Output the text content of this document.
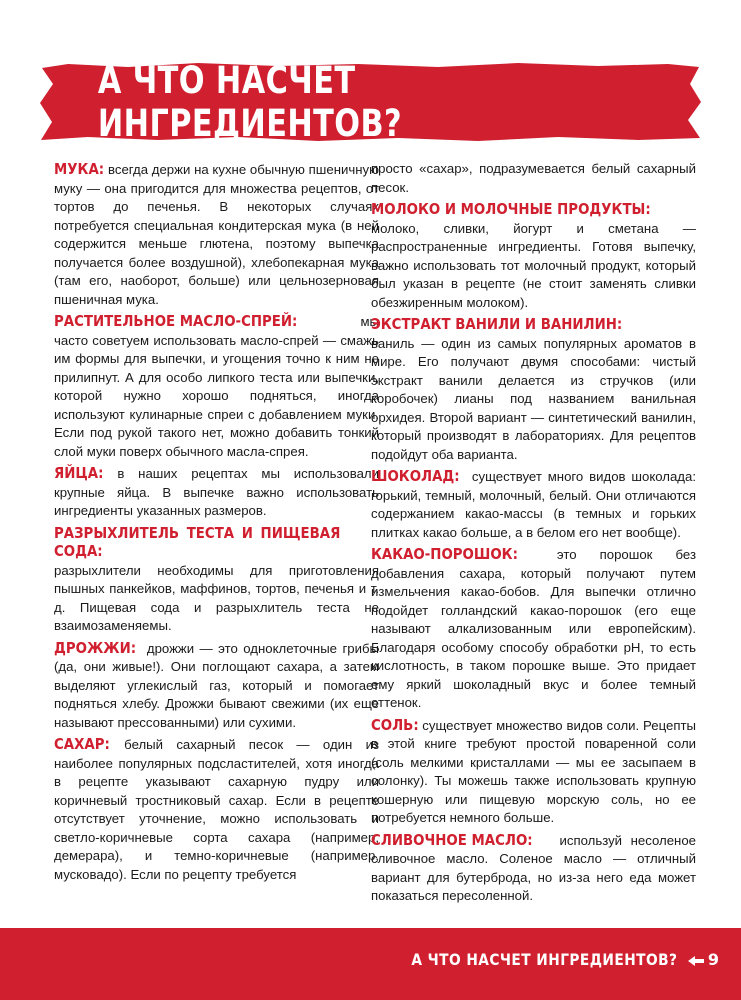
А ЧТО НАСЧЕТ ИНГРЕДИЕНТОВ?

МУКА: всегда держи на кухне обычную пшеничную муку — она пригодится для множества рецептов, от тортов до печенья. В некоторых случаях потребуется специальная кондитерская мука (в ней содержится меньше глютена, поэтому выпечка получается более воздушной), хлебопекарная мука (там его, наоборот, больше) или цельнозерновая пшеничная мука.

РАСТИТЕЛЬНОЕ МАСЛО-СПРЕЙ: мы часто советуем использовать масло-спрей — смажь им формы для выпечки, и угощения точно к ним не прилипнут. А для особо липкого теста или выпечки, которой нужно хорошо подняться, иногда используют кулинарные спреи с добавлением муки. Если под рукой такого нет, можно добавить тонкий слой муки поверх обычного масла-спрея.

ЯЙЦА: в наших рецептах мы использовали крупные яйца. В выпечке важно использовать ингредиенты указанных размеров.

РАЗРЫХЛИТЕЛЬ ТЕСТА И ПИЩЕВАЯ СОДА: разрыхлители необходимы для приготовления пышных панкейков, маффинов, тортов, печенья и т. д. Пищевая сода и разрыхлитель теста не взаимозаменяемы.

ДРОЖЖИ: дрожжи — это одноклеточные грибы (да, они живые!). Они поглощают сахара, а затем выделяют углекислый газ, который и помогает подняться хлебу. Дрожжи бывают свежими (их еще называют прессованными) или сухими.

САХАР: белый сахарный песок — один из наиболее популярных подсластителей, хотя иногда в рецепте указывают сахарную пудру или коричневый тростниковый сахар. Если в рецепте отсутствует уточнение, можно использовать и светло-коричневые сорта сахара (например, демерара), и темно-коричневые (например, мусковадо). Если по рецепту требуется

просто «сахар», подразумевается белый сахарный песок.

МОЛОКО И МОЛОЧНЫЕ ПРОДУКТЫ: молоко, сливки, йогурт и сметана — распространенные ингредиенты. Готовя выпечку, важно использовать тот молочный продукт, который был указан в рецепте (не стоит заменять сливки обезжиренным молоком).

ЭКСТРАКТ ВАНИЛИ И ВАНИЛИН: ваниль — один из самых популярных ароматов в мире. Его получают двумя способами: чистый экстракт ванили делается из стручков (или коробочек) лианы под названием ванильная орхидея. Второй вариант — синтетический ванилин, который производят в лабораториях. Для рецептов подойдут оба варианта.

ШОКОЛАД: существует много видов шоколада: горький, темный, молочный, белый. Они отличаются содержанием какао-массы (в темных и горьких плитках какао больше, а в белом его нет вообще).

КАКАО-ПОРОШОК: это порошок без добавления сахара, который получают путем измельчения какао-бобов. Для выпечки отлично подойдет голландский какао-порошок (его еще называют алкализованным или европейским). Благодаря особому способу обработки pH, то есть кислотность, в таком порошке выше. Это придает ему яркий шоколадный вкус и более темный оттенок.

СОЛЬ: существует множество видов соли. Рецепты в этой книге требуют простой поваренной соли (соль мелкими кристаллами — мы ее засыпаем в солонку). Ты можешь также использовать крупную кошерную или пищевую морскую соль, но ее потребуется немного больше.

СЛИВОЧНОЕ МАСЛО: используй несоленое сливочное масло. Соленое масло — отличный вариант для бутерброда, но из-за него еда может показаться пересоленной.

А ЧТО НАСЧЕТ ИНГРЕДИЕНТОВ? 9
